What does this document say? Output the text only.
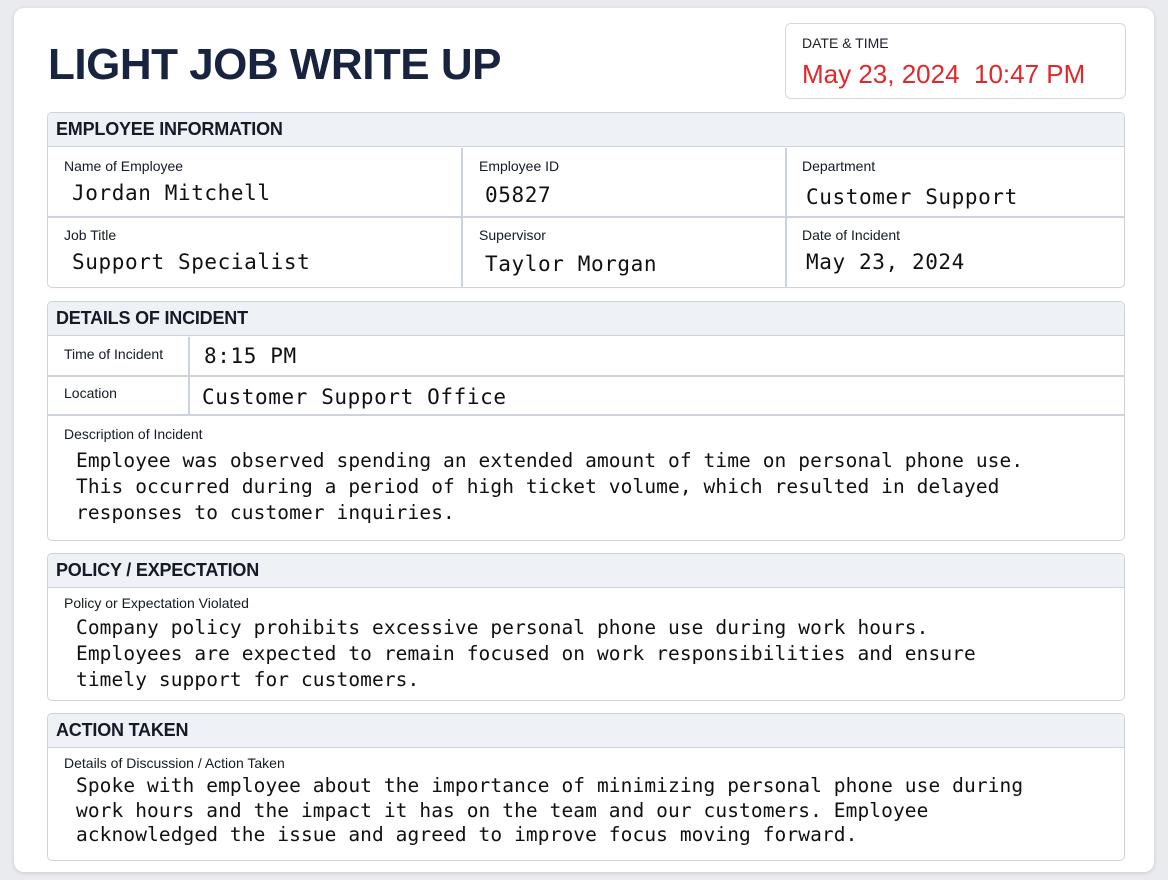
LIGHT JOB WRITE UP	DATE & TIME
May 23, 2024  10:47 PM
EMPLOYEE INFORMATION
Name of Employee
Jordan Mitchell
Employee ID
05827
Department
Customer Support
Job Title
Support Specialist
Supervisor
Taylor Morgan
Date of Incident
May 23, 2024
DETAILS OF INCIDENT
Time of Incident 8:15 PM
Location	Customer Support Office
Description of Incident
Employee was observed spending an extended amount of time on personal phone use.
This occurred during a period of high ticket volume, which resulted in delayed
responses to customer inquiries.
POLICY / EXPECTATION
Policy or Expectation Violated
Company policy prohibits excessive personal phone use during work hours.
Employees are expected to remain focused on work responsibilities and ensure
timely support for customers.
ACTION TAKEN
Details of Discussion / Action Taken
Spoke with employee about the importance of minimizing personal phone use during
work hours and the impact it has on the team and our customers. Employee
acknowledged the issue and agreed to improve focus moving forward.
